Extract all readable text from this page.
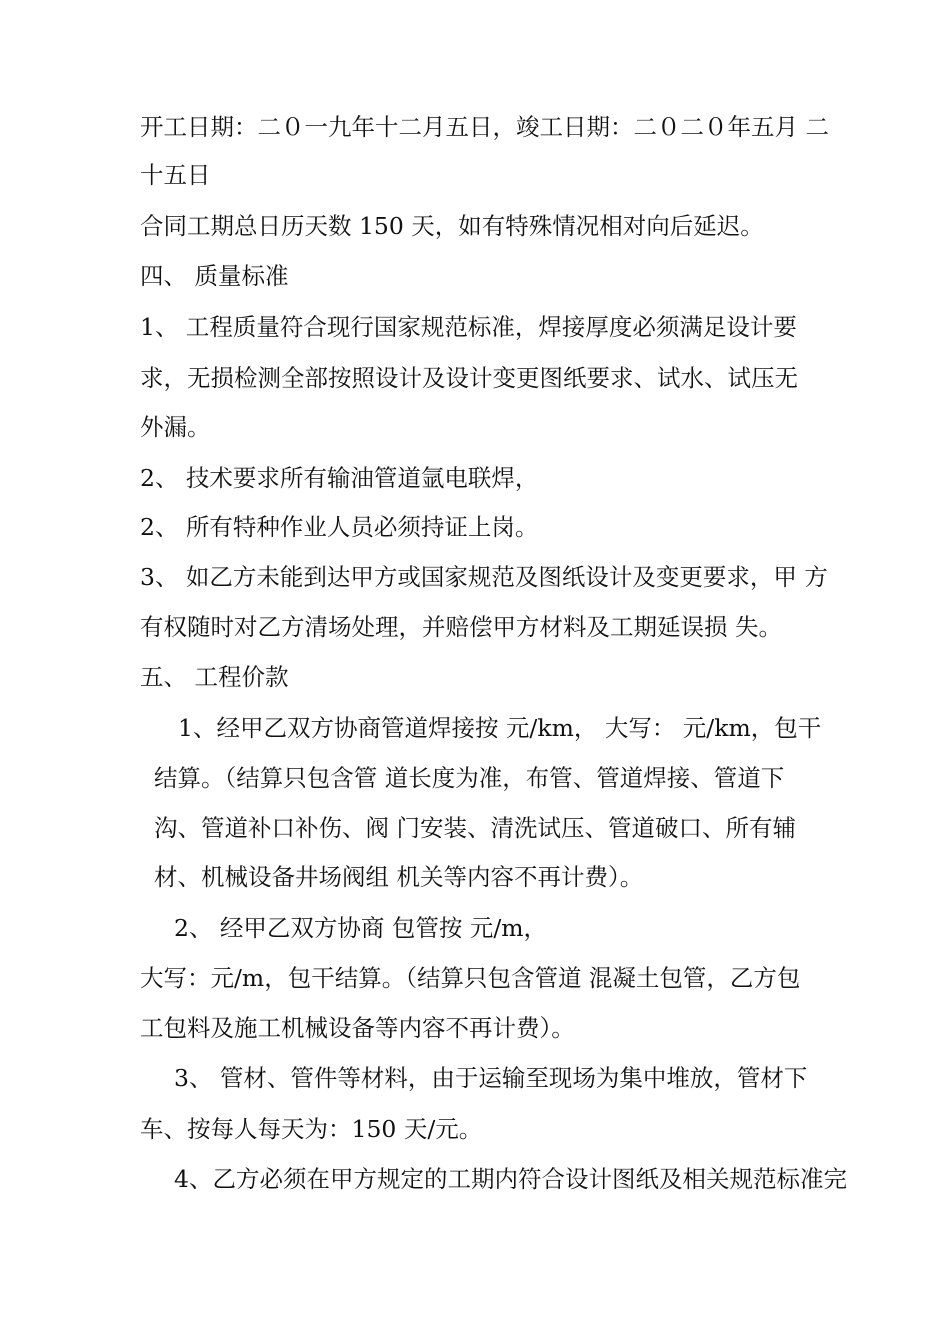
开工日期：二０一九年十二月五日，竣工日期：二０二０年五月 二
十五日
合同工期总日历天数 150 天，如有特殊情况相对向后延迟。
四、 质量标准
1、 工程质量符合现行国家规范标准，焊接厚度必须满足设计要
求，无损检测全部按照设计及设计变更图纸要求、试水、试压无
外漏。
2、 技术要求所有输油管道氩电联焊，
2、 所有特种作业人员必须持证上岗。
3、 如乙方未能到达甲方或国家规范及图纸设计及变更要求，甲 方
有权随时对乙方清场处理，并赔偿甲方材料及工期延误损 失。
五、 工程价款
1、经甲乙双方协商管道焊接按 元/km， 大写： 元/km，包干
结算。（结算只包含管 道长度为准，布管、管道焊接、管道下
沟、管道补口补伤、阀 门安装、清洗试压、管道破口、所有辅
材、机械设备井场阀组 机关等内容不再计费）。
2、 经甲乙双方协商 包管按 元/m，
大写：元/m，包干结算。（结算只包含管道 混凝土包管，乙方包
工包料及施工机械设备等内容不再计费）。
3、 管材、管件等材料，由于运输至现场为集中堆放，管材下
车、按每人每天为：150 天/元。
4、乙方必须在甲方规定的工期内符合设计图纸及相关规范标准完
